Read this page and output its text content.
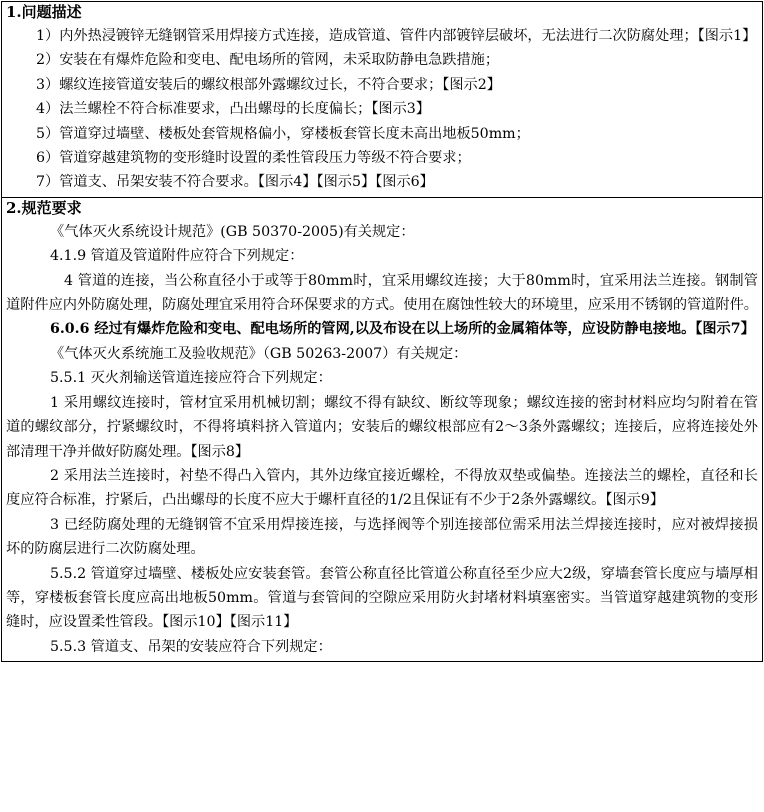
1.问题描述
1）内外热浸镀锌无缝钢管采用焊接方式连接，造成管道、管件内部镀锌层破坏，无法进行二次防腐处理；【图示1】
2）安装在有爆炸危险和变电、配电场所的管网，未采取防静电急跌措施；
3）螺纹连接管道安装后的螺纹根部外露螺纹过长，不符合要求；【图示2】
4）法兰螺栓不符合标准要求，凸出螺母的长度偏长；【图示3】
5）管道穿过墙壁、楼板处套管规格偏小，穿楼板套管长度未高出地板50mm；
6）管道穿越建筑物的变形缝时设置的柔性管段压力等级不符合要求；
7）管道支、吊架安装不符合要求。【图示4】【图示5】【图示6】
2.规范要求
《气体灭火系统设计规范》(GB 50370-2005)有关规定：
4.1.9 管道及管道附件应符合下列规定：
4 管道的连接，当公称直径小于或等于80mm时，宜采用螺纹连接；大于80mm时，宜采用法兰连接。钢制管道附件应内外防腐处理，防腐处理宜采用符合环保要求的方式。使用在腐蚀性较大的环境里，应采用不锈钢的管道附件。
6.0.6 经过有爆炸危险和变电、配电场所的管网,以及布设在以上场所的金属箱体等，应设防静电接地。【图示7】
《气体灭火系统施工及验收规范》（GB 50263-2007）有关规定：
5.5.1 灭火剂输送管道连接应符合下列规定：
1 采用螺纹连接时，管材宜采用机械切割；螺纹不得有缺纹、断纹等现象；螺纹连接的密封材料应均匀附着在管道的螺纹部分，拧紧螺纹时，不得将填料挤入管道内；安装后的螺纹根部应有2～3条外露螺纹；连接后，应将连接处外部清理干净并做好防腐处理。【图示8】
2 采用法兰连接时，衬垫不得凸入管内，其外边缘宜接近螺栓，不得放双垫或偏垫。连接法兰的螺栓，直径和长度应符合标准，拧紧后，凸出螺母的长度不应大于螺杆直径的1/2且保证有不少于2条外露螺纹。【图示9】
3 已经防腐处理的无缝钢管不宜采用焊接连接，与选择阀等个别连接部位需采用法兰焊接连接时，应对被焊接损坏的防腐层进行二次防腐处理。
5.5.2 管道穿过墙壁、楼板处应安装套管。套管公称直径比管道公称直径至少应大2级，穿墙套管长度应与墙厚相等，穿楼板套管长度应高出地板50mm。管道与套管间的空隙应采用防火封堵材料填塞密实。当管道穿越建筑物的变形缝时，应设置柔性管段。【图示10】【图示11】
5.5.3 管道支、吊架的安装应符合下列规定：
